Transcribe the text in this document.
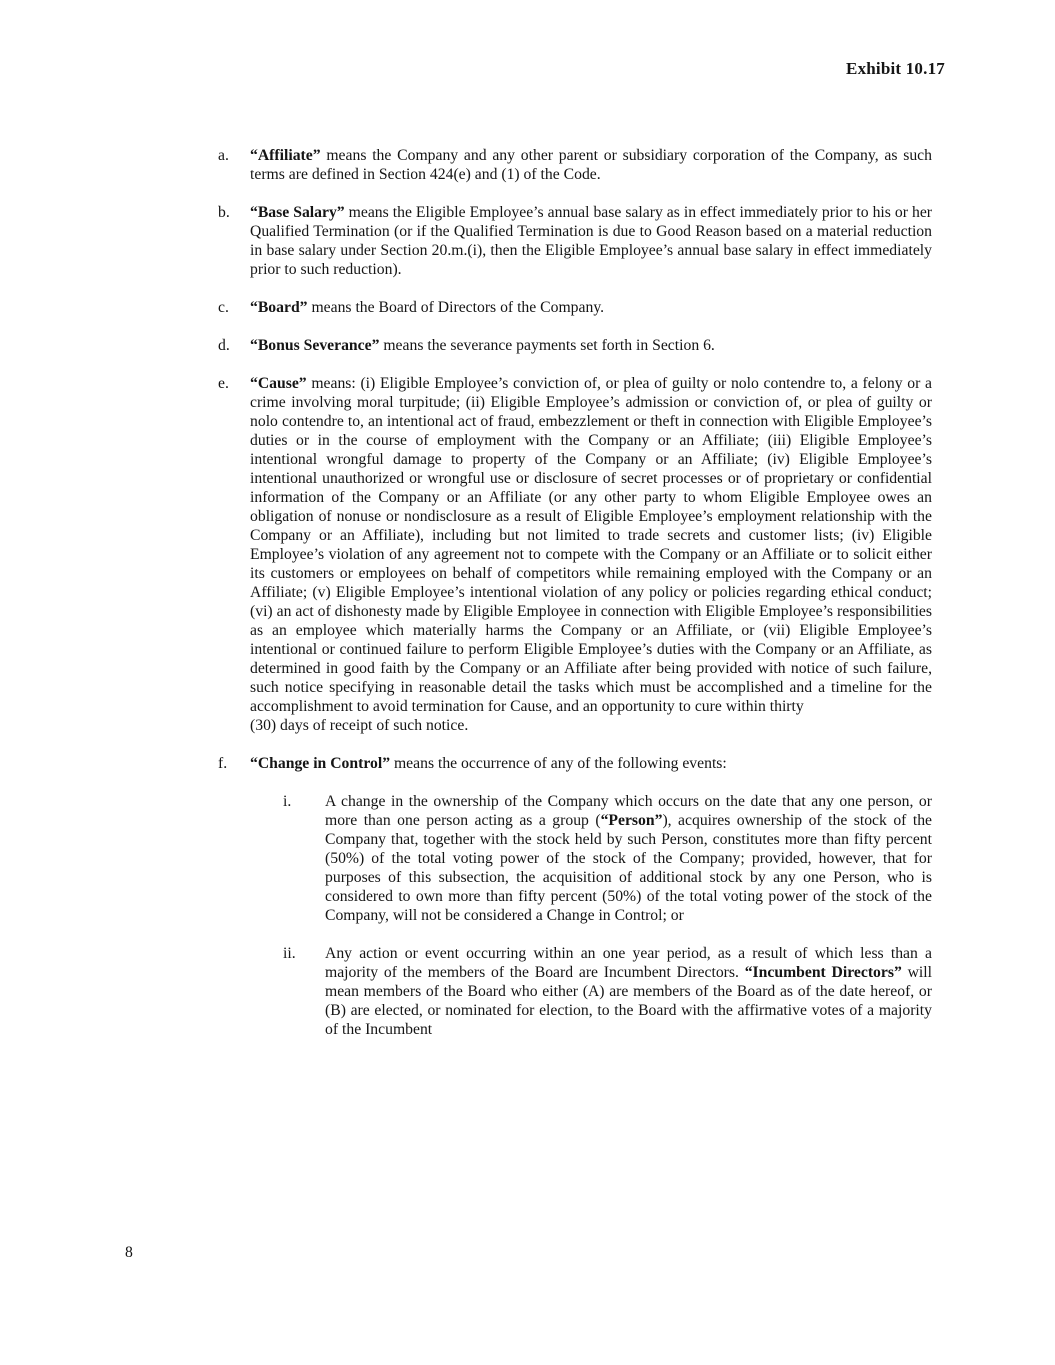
Exhibit 10.17
a.	“Affiliate” means the Company and any other parent or subsidiary corporation of the Company, as such terms are defined in Section 424(e) and (1) of the Code.

b.	“Base Salary” means the Eligible Employee’s annual base salary as in effect immediately prior to his or her Qualified Termination (or if the Qualified Termination is due to Good Reason based on a material reduction in base salary under Section 20.m.(i), then the Eligible Employee’s annual base salary in effect immediately prior to such reduction).

c.	“Board” means the Board of Directors of the Company.

d.	“Bonus Severance” means the severance payments set forth in Section 6.

e.	“Cause” means: (i) Eligible Employee’s conviction of, or plea of guilty or nolo contendre to, a felony or a crime involving moral turpitude; (ii) Eligible Employee’s admission or conviction of, or plea of guilty or nolo contendre to, an intentional act of fraud, embezzlement or theft in connection with Eligible Employee’s duties or in the course of employment with the Company or an Affiliate; (iii) Eligible Employee’s intentional wrongful damage to property of the Company or an Affiliate; (iv) Eligible Employee’s intentional unauthorized or wrongful use or disclosure of secret processes or of proprietary or confidential information of the Company or an Affiliate (or any other party to whom Eligible Employee owes an obligation of nonuse or nondisclosure as a result of Eligible Employee’s employment relationship with the Company or an Affiliate), including but not limited to trade secrets and customer lists; (iv) Eligible Employee’s violation of any agreement not to compete with the Company or an Affiliate or to solicit either its customers or employees on behalf of competitors while remaining employed with the Company or an Affiliate; (v) Eligible Employee’s intentional violation of any policy or policies regarding ethical conduct; (vi) an act of dishonesty made by Eligible Employee in connection with Eligible Employee’s responsibilities as an employee which materially harms the Company or an Affiliate, or (vii) Eligible Employee’s intentional or continued failure to perform Eligible Employee’s duties with the Company or an Affiliate, as determined in good faith by the Company or an Affiliate after being provided with notice of such failure, such notice specifying in reasonable detail the tasks which must be accomplished and a timeline for the accomplishment to avoid termination for Cause, and an opportunity to cure within thirty
(30) days of receipt of such notice.

f.	“Change in Control” means the occurrence of any of the following events:

i.	A change in the ownership of the Company which occurs on the date that any one person, or more than one person acting as a group (“Person”), acquires ownership of the stock of the Company that, together with the stock held by such Person, constitutes more than fifty percent (50%) of the total voting power of the stock of the Company; provided, however, that for purposes of this subsection, the acquisition of additional stock by any one Person, who is considered to own more than fifty percent (50%) of the total voting power of the stock of the Company, will not be considered a Change in Control; or

ii.	Any action or event occurring within an one year period, as a result of which less than a majority of the members of the Board are Incumbent Directors. “Incumbent Directors” will mean members of the Board who either (A) are members of the Board as of the date hereof, or (B) are elected, or nominated for election, to the Board with the affirmative votes of a majority of the Incumbent

8
